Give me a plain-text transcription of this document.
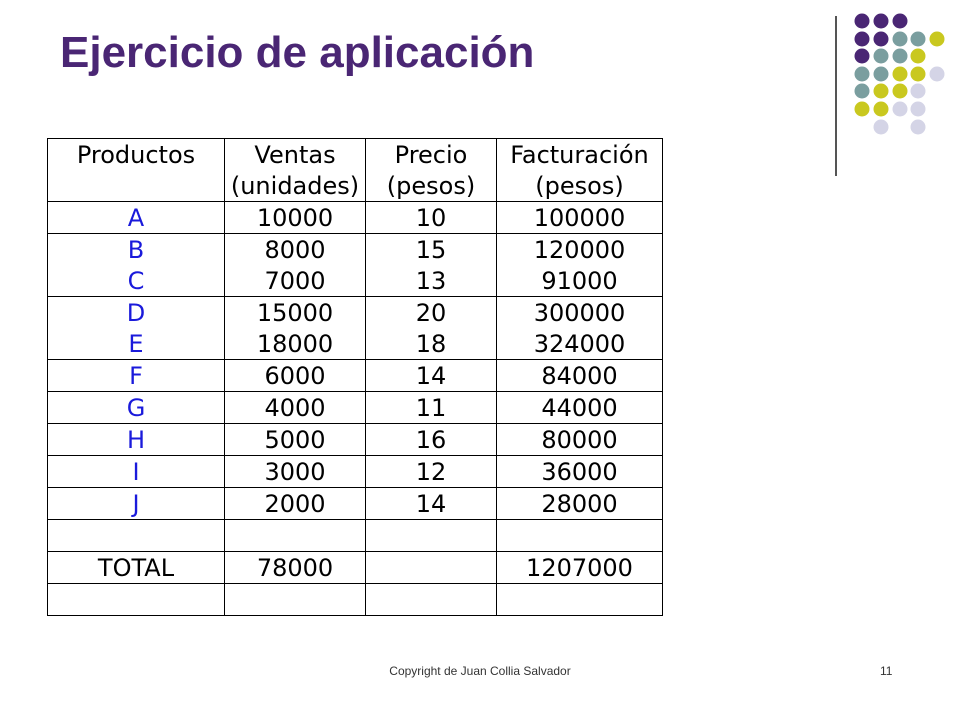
Ejercicio de aplicación
Productos	Ventas	Precio	Facturación
	(unidades)	(pesos)	(pesos)
A	10000	10	100000
B	8000	15	120000
C	7000	13	91000
D	15000	20	300000
E	18000	18	324000
F	6000	14	84000
G	4000	11	44000
H	5000	16	80000
I	3000	12	36000
J	2000	14	28000

TOTAL	78000		1207000

Copyright de Juan Collia Salvador	11
